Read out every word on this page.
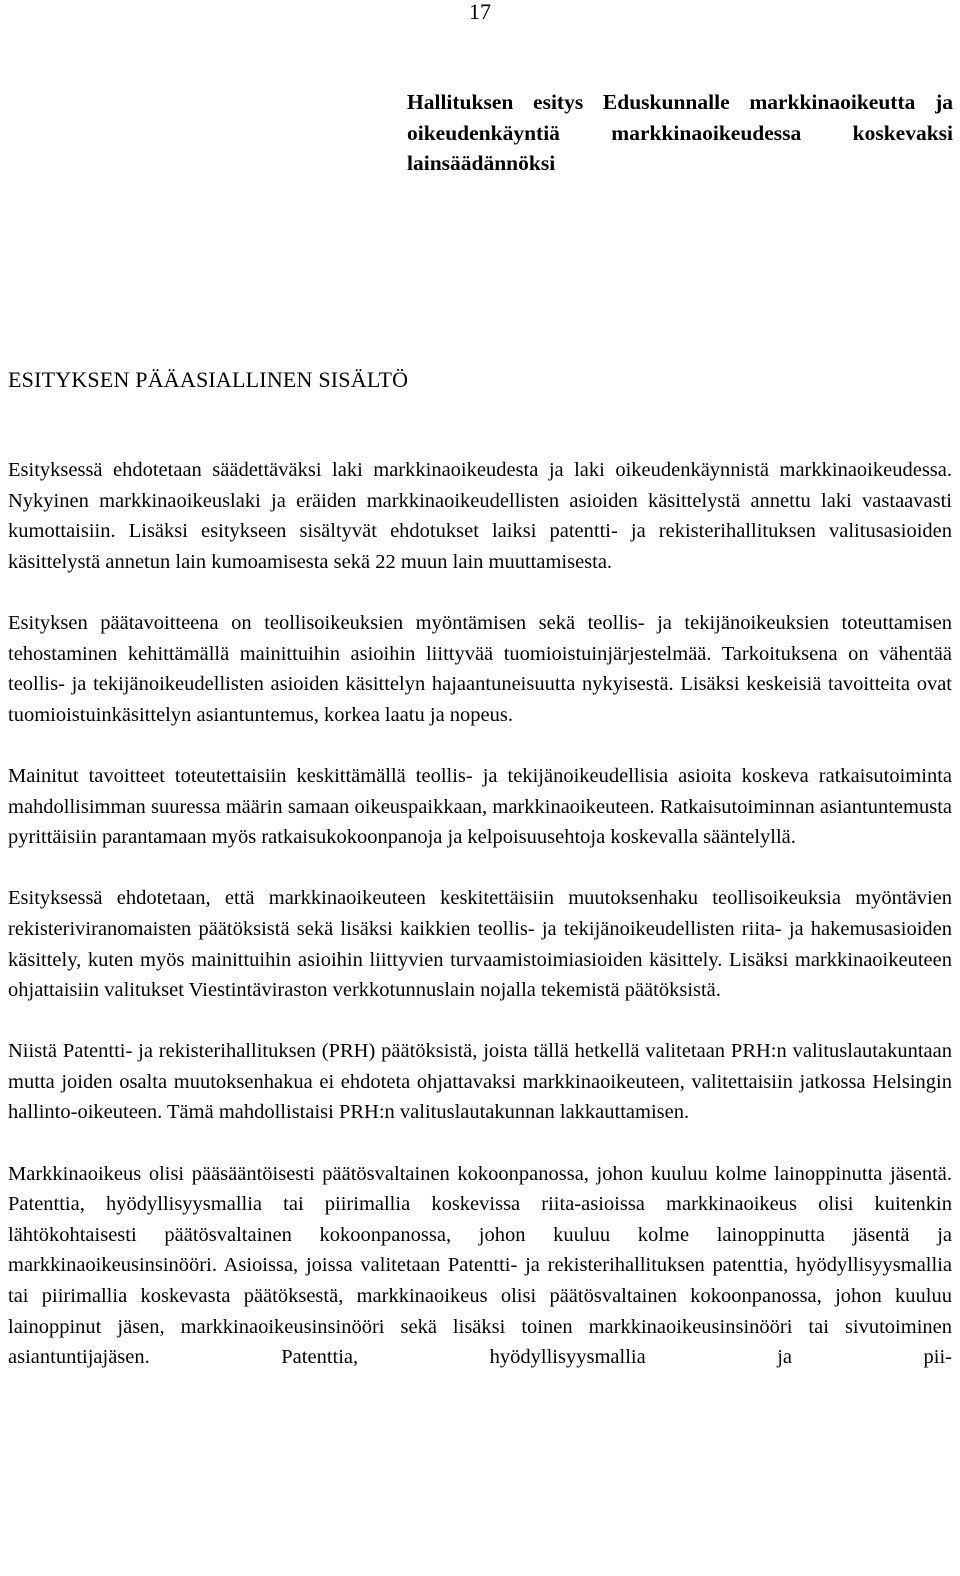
17
Hallituksen esitys Eduskunnalle markkinaoikeutta ja oikeudenkäyntiä markkinaoikeudessa koskevaksi lainsäädännöksi
ESITYKSEN PÄÄASIALLINEN SISÄLTÖ

Esityksessä ehdotetaan säädettäväksi laki markkinaoikeudesta ja laki oikeudenkäynnistä markkinaoikeudessa. Nykyinen markkinaoikeuslaki ja eräiden markkinaoikeudellisten asioiden käsittelystä annettu laki vastaavasti kumottaisiin. Lisäksi esitykseen sisältyvät ehdotukset laiksi patentti- ja rekisterihallituksen valitusasioiden käsittelystä annetun lain kumoamisesta sekä 22 muun lain muuttamisesta.

Esityksen päätavoitteena on teollisoikeuksien myöntämisen sekä teollis- ja tekijänoikeuksien toteuttamisen tehostaminen kehittämällä mainittuihin asioihin liittyvää tuomioistuinjärjestelmää. Tarkoituksena on vähentää teollis- ja tekijänoikeudellisten asioiden käsittelyn hajaantuneisuutta nykyisestä. Lisäksi keskeisiä tavoitteita ovat tuomioistuinkäsittelyn asiantuntemus, korkea laatu ja nopeus.

Mainitut tavoitteet toteutettaisiin keskittämällä teollis- ja tekijänoikeudellisia asioita koskeva ratkaisutoiminta mahdollisimman suuressa määrin samaan oikeuspaikkaan, markkinaoikeuteen. Ratkaisutoiminnan asiantuntemusta pyrittäisiin parantamaan myös ratkaisukokoonpanoja ja kelpoisuusehtoja koskevalla sääntelyllä.

Esityksessä ehdotetaan, että markkinaoikeuteen keskitettäisiin muutoksenhaku teollisoikeuksia myöntävien rekisteriviranomaisten päätöksistä sekä lisäksi kaikkien teollis- ja tekijänoikeudellisten riita- ja hakemusasioiden käsittely, kuten myös mainittuihin asioihin liittyvien turvaamistoimiasioiden käsittely. Lisäksi markkinaoikeuteen ohjattaisiin valitukset Viestintäviraston verkkotunnuslain nojalla tekemistä päätöksistä.

Niistä Patentti- ja rekisterihallituksen (PRH) päätöksistä, joista tällä hetkellä valitetaan PRH:n valituslautakuntaan mutta joiden osalta muutoksenhakua ei ehdoteta ohjattavaksi markkinaoikeuteen, valitettaisiin jatkossa Helsingin hallinto-oikeuteen. Tämä mahdollistaisi PRH:n valituslautakunnan lakkauttamisen.

Markkinaoikeus olisi pääsääntöisesti päätösvaltainen kokoonpanossa, johon kuuluu kolme lainoppinutta jäsentä. Patenttia, hyödyllisyysmallia tai piirimallia koskevissa riita-asioissa markkinaoikeus olisi kuitenkin lähtökohtaisesti päätösvaltainen kokoonpanossa, johon kuuluu kolme lainoppinutta jäsentä ja markkinaoikeusinsinööri. Asioissa, joissa valitetaan Patentti- ja rekisterihallituksen patenttia, hyödyllisyysmallia tai piirimallia koskevasta päätöksestä, markkinaoikeus olisi päätösvaltainen kokoonpanossa, johon kuuluu lainoppinut jäsen, markkinaoikeusinsinööri sekä lisäksi toinen markkinaoikeusinsinööri tai sivutoiminen asiantuntijajäsen. Patenttia, hyödyllisyysmallia ja pii-
